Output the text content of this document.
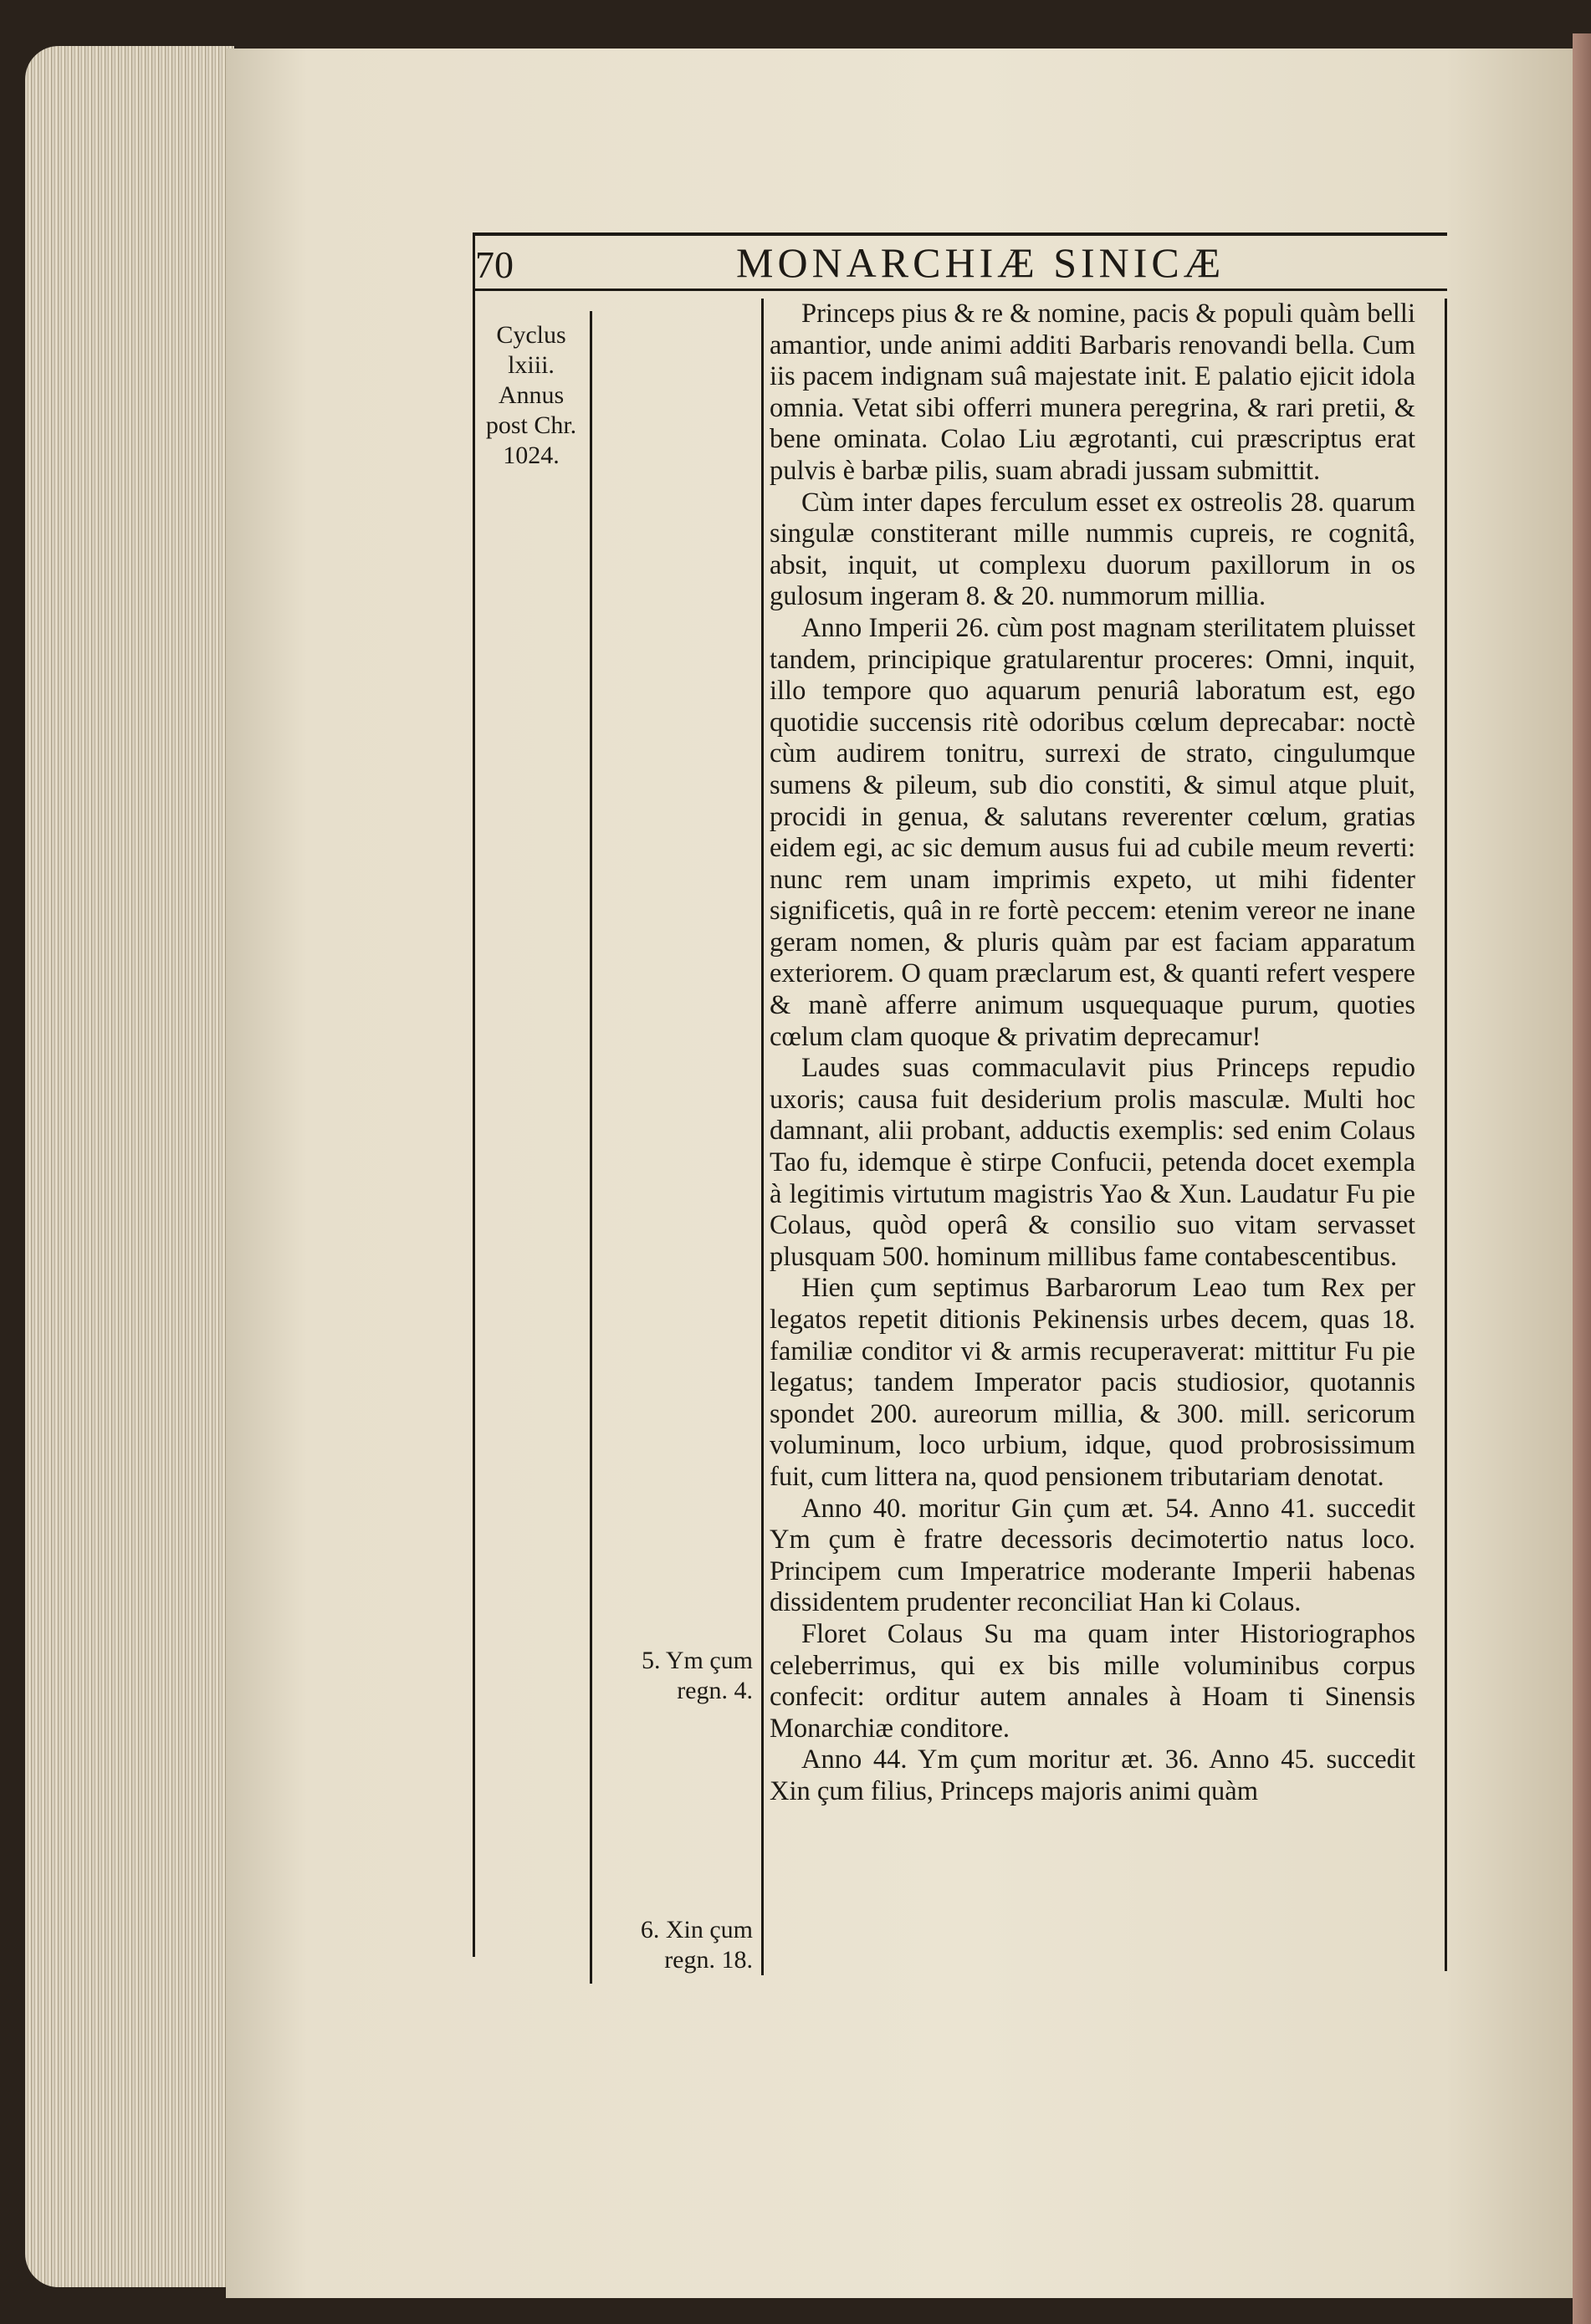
70	MONARCHIÆ SINICÆ
Cyclus
lxiii.
Annus
post Chr.
1024.
5. Ym çum
regn. 4.
6. Xin çum
regn. 18.

Princeps pius & re & nomine, pacis & populi quàm belli amantior, unde animi additi Barbaris renovandi bella. Cum iis pacem indignam suâ majestate init. E palatio ejicit idola omnia. Vetat sibi offerri munera peregrina, & rari pretii, & bene ominata. Colao Liu ægrotanti, cui præscriptus erat pulvis è barbæ pilis, suam abradi jussam submittit.

Cùm inter dapes ferculum esset ex ostreolis 28. quarum singulæ constiterant mille nummis cupreis, re cognitâ, absit, inquit, ut complexu duorum paxillorum in os gulosum ingeram 8. & 20. nummorum millia.

Anno Imperii 26. cùm post magnam sterilitatem pluisset tandem, principique gratularentur proceres: Omni, inquit, illo tempore quo aquarum penuriâ laboratum est, ego quotidie succensis ritè odoribus cœlum deprecabar: noctè cùm audirem tonitru, surrexi de strato, cingulumque sumens & pileum, sub dio constiti, & simul atque pluit, procidi in genua, & salutans reverenter cœlum, gratias eidem egi, ac sic demum ausus fui ad cubile meum reverti: nunc rem unam imprimis expeto, ut mihi fidenter significetis, quâ in re fortè peccem: etenim vereor ne inane geram nomen, & pluris quàm par est faciam apparatum exteriorem. O quam præclarum est, & quanti refert vespere & manè afferre animum usquequaque purum, quoties cœlum clam quoque & privatim deprecamur!

Laudes suas commaculavit pius Princeps repudio uxoris; causa fuit desiderium prolis masculæ. Multi hoc damnant, alii probant, adductis exemplis: sed enim Colaus Tao fu, idemque è stirpe Confucii, petenda docet exempla à legitimis virtutum magistris Yao & Xun. Laudatur Fu pie Colaus, quòd operâ & consilio suo vitam servasset plusquam 500. hominum millibus fame contabescentibus.

Hien çum septimus Barbarorum Leao tum Rex per legatos repetit ditionis Pekinensis urbes decem, quas 18. familiæ conditor vi & armis recuperaverat: mittitur Fu pie legatus; tandem Imperator pacis studiosior, quotannis spondet 200. aureorum millia, & 300. mill. sericorum voluminum, loco urbium, idque, quod probrosissimum fuit, cum littera na, quod pensionem tributariam denotat.

Anno 40. moritur Gin çum æt. 54. Anno 41. succedit Ym çum è fratre decessoris decimotertio natus loco. Principem cum Imperatrice moderante Imperii habenas dissidentem prudenter reconciliat Han ki Colaus.

Floret Colaus Su ma quam inter Historiographos celeberrimus, qui ex bis mille voluminibus corpus confecit: orditur autem annales à Hoam ti Sinensis Monarchiæ conditore.

Anno 44. Ym çum moritur æt. 36. Anno 45. succedit Xin çum filius, Princeps majoris animi quàm
